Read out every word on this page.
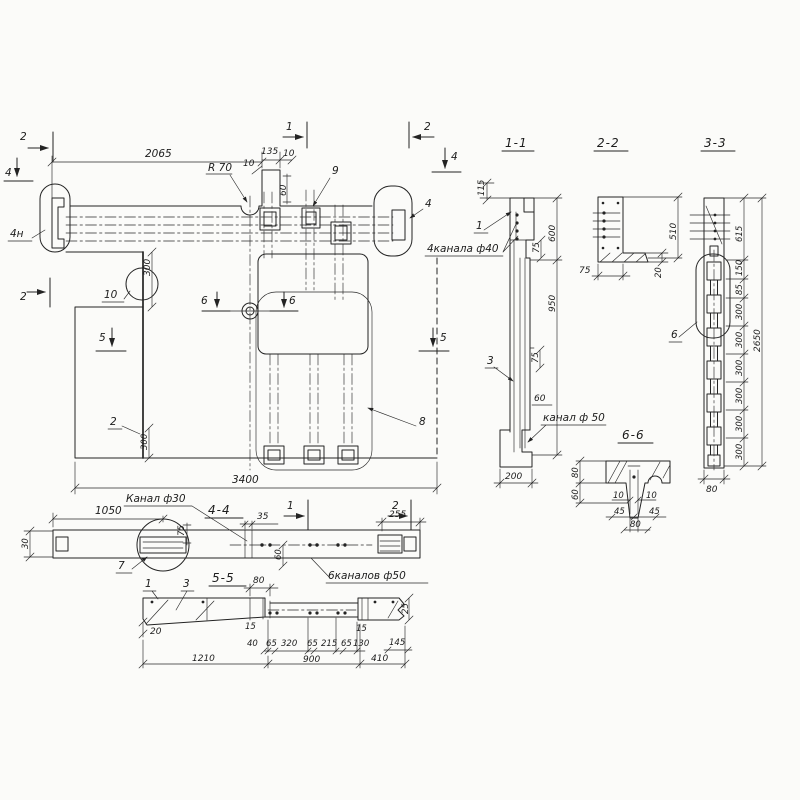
2065	135 10
10
R 70
60
300
10	6	6
5	5
1	2
4
2
4
2
9
4
4н
2
300
8
3400
1050
75
35
Канал ф30
4-4	1	2
255
30
60
7
6каналов ф50
5-5
1	3	80
20
25
15	15
40 65 320 65 215 65 130 145
1210	900	410
1-1
600
950
75
75
115
1
4канала ф40
3
60
канал ф 50
200
2-2
510
20
75
3-3
615
150
85
300
300
300
300
300
300
2650
80
6
6-6
80
60	10	10
45	45
80
